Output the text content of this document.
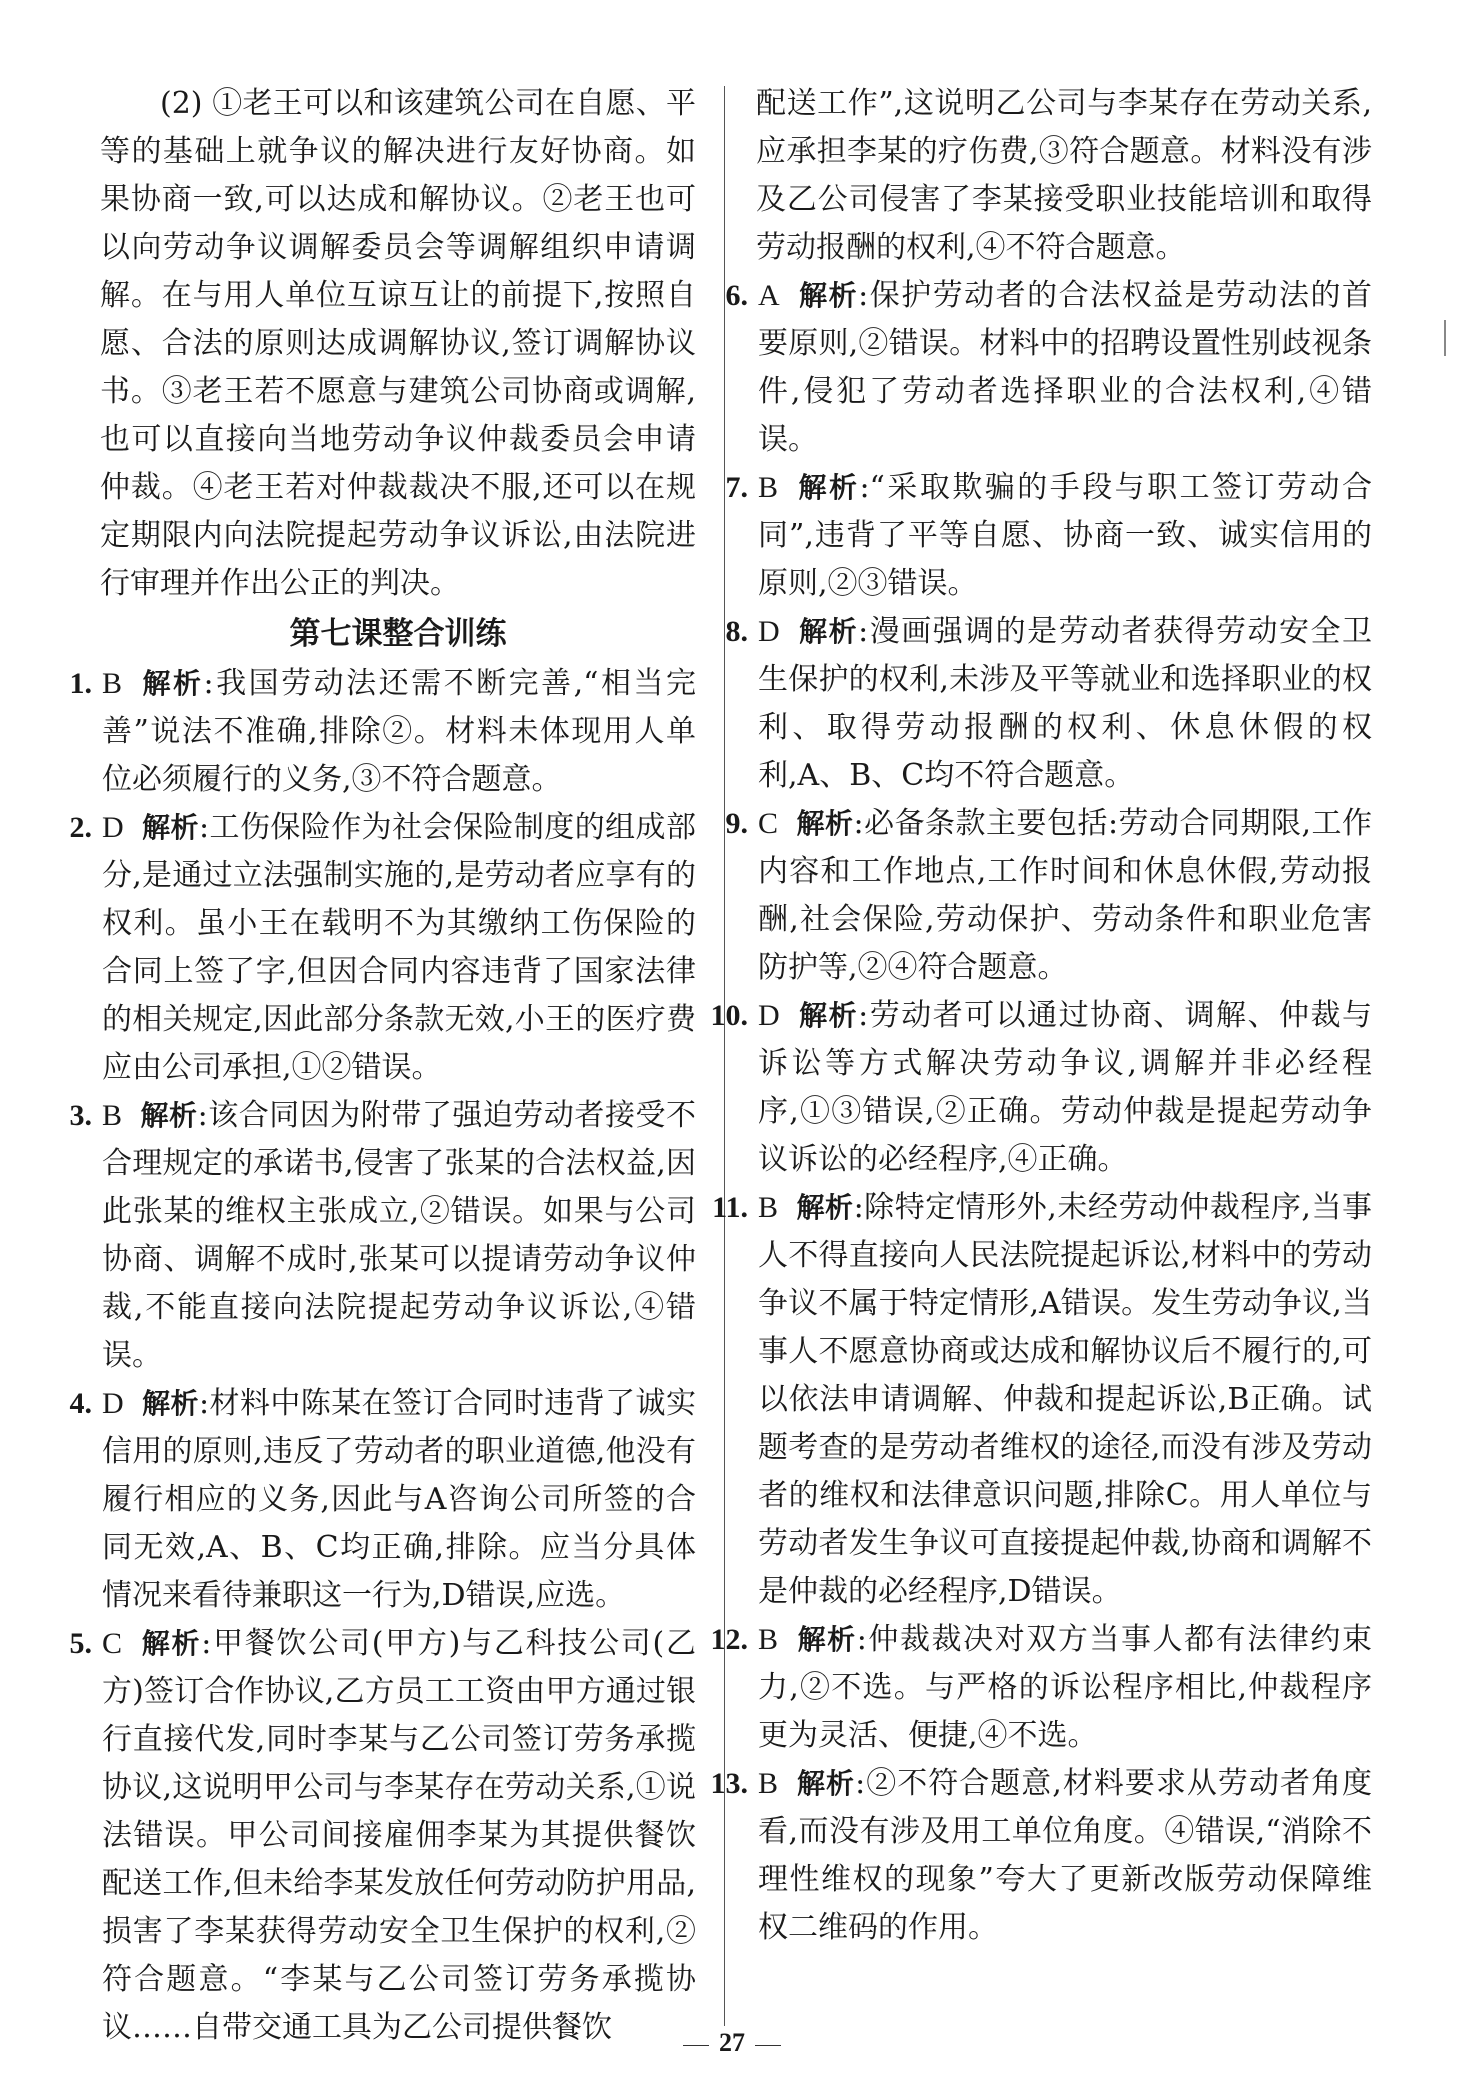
(2) ①老王可以和该建筑公司在自愿、平等的基础上就争议的解决进行友好协商。如果协商一致,可以达成和解协议。②老王也可以向劳动争议调解委员会等调解组织申请调解。在与用人单位互谅互让的前提下,按照自愿、合法的原则达成调解协议,签订调解协议书。③老王若不愿意与建筑公司协商或调解,也可以直接向当地劳动争议仲裁委员会申请仲裁。④老王若对仲裁裁决不服,还可以在规定期限内向法院提起劳动争议诉讼,由法院进行审理并作出公正的判决。

第七课整合训练

1. B 解析:我国劳动法还需不断完善,“相当完善”说法不准确,排除②。材料未体现用人单位必须履行的义务,③不符合题意。
2. D 解析:工伤保险作为社会保险制度的组成部分,是通过立法强制实施的,是劳动者应享有的权利。虽小王在载明不为其缴纳工伤保险的合同上签了字,但因合同内容违背了国家法律的相关规定,因此部分条款无效,小王的医疗费应由公司承担,①②错误。
3. B 解析:该合同因为附带了强迫劳动者接受不合理规定的承诺书,侵害了张某的合法权益,因此张某的维权主张成立,②错误。如果与公司协商、调解不成时,张某可以提请劳动争议仲裁,不能直接向法院提起劳动争议诉讼,④错误。
4. D 解析:材料中陈某在签订合同时违背了诚实信用的原则,违反了劳动者的职业道德,他没有履行相应的义务,因此与A咨询公司所签的合同无效,A、B、C均正确,排除。应当分具体情况来看待兼职这一行为,D错误,应选。
5. C 解析:甲餐饮公司(甲方)与乙科技公司(乙方)签订合作协议,乙方员工工资由甲方通过银行直接代发,同时李某与乙公司签订劳务承揽协议,这说明甲公司与李某存在劳动关系,①说法错误。甲公司间接雇佣李某为其提供餐饮配送工作,但未给李某发放任何劳动防护用品,损害了李某获得劳动安全卫生保护的权利,②符合题意。“李某与乙公司签订劳务承揽协议……自带交通工具为乙公司提供餐饮

配送工作”,这说明乙公司与李某存在劳动关系,应承担李某的疗伤费,③符合题意。材料没有涉及乙公司侵害了李某接受职业技能培训和取得劳动报酬的权利,④不符合题意。

6. A 解析:保护劳动者的合法权益是劳动法的首要原则,②错误。材料中的招聘设置性别歧视条件,侵犯了劳动者选择职业的合法权利,④错误。
7. B 解析:“采取欺骗的手段与职工签订劳动合同”,违背了平等自愿、协商一致、诚实信用的原则,②③错误。
8. D 解析:漫画强调的是劳动者获得劳动安全卫生保护的权利,未涉及平等就业和选择职业的权利、取得劳动报酬的权利、休息休假的权利,A、B、C均不符合题意。
9. C 解析:必备条款主要包括:劳动合同期限,工作内容和工作地点,工作时间和休息休假,劳动报酬,社会保险,劳动保护、劳动条件和职业危害防护等,②④符合题意。
10. D 解析:劳动者可以通过协商、调解、仲裁与诉讼等方式解决劳动争议,调解并非必经程序,①③错误,②正确。劳动仲裁是提起劳动争议诉讼的必经程序,④正确。
11. B 解析:除特定情形外,未经劳动仲裁程序,当事人不得直接向人民法院提起诉讼,材料中的劳动争议不属于特定情形,A错误。发生劳动争议,当事人不愿意协商或达成和解协议后不履行的,可以依法申请调解、仲裁和提起诉讼,B正确。试题考查的是劳动者维权的途径,而没有涉及劳动者的维权和法律意识问题,排除C。用人单位与劳动者发生争议可直接提起仲裁,协商和调解不是仲裁的必经程序,D错误。
12. B 解析:仲裁裁决对双方当事人都有法律约束力,②不选。与严格的诉讼程序相比,仲裁程序更为灵活、便捷,④不选。
13. B 解析:②不符合题意,材料要求从劳动者角度看,而没有涉及用工单位角度。④错误,“消除不理性维权的现象”夸大了更新改版劳动保障维权二维码的作用。
27
